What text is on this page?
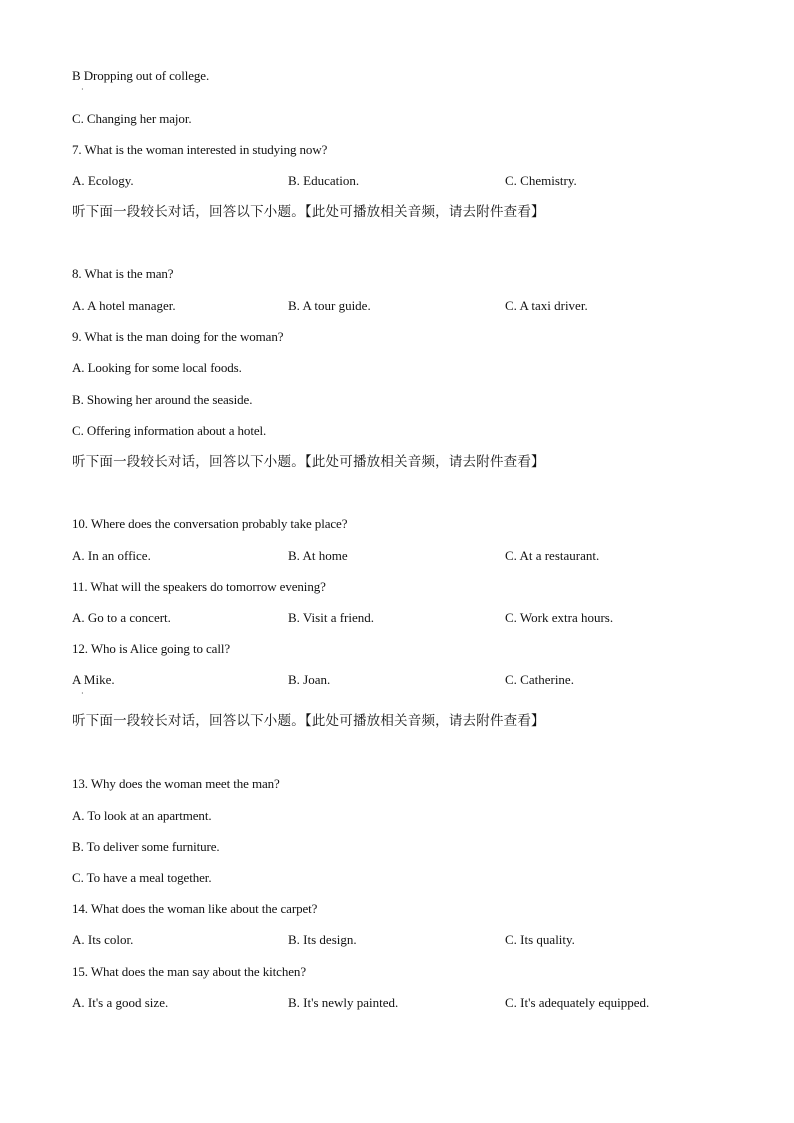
B Dropping out of college.
·
C. Changing her major.
7. What is the woman interested in studying now?
A. Ecology.	B. Education.	C. Chemistry.
听下面一段较长对话，回答以下小题。【此处可播放相关音频，请去附件查看】
8. What is the man?
A. A hotel manager.	B. A tour guide.	C. A taxi driver.
9. What is the man doing for the woman?
A. Looking for some local foods.
B. Showing her around the seaside.
C. Offering information about a hotel.
听下面一段较长对话，回答以下小题。【此处可播放相关音频，请去附件查看】
10. Where does the conversation probably take place?
A. In an office.	B. At home	C. At a restaurant.
11. What will the speakers do tomorrow evening?
A. Go to a concert.	B. Visit a friend.	C. Work extra hours.
12. Who is Alice going to call?
A Mike.
·
B. Joan.	C. Catherine.
听下面一段较长对话，回答以下小题。【此处可播放相关音频，请去附件查看】
13. Why does the woman meet the man?
A. To look at an apartment.
B. To deliver some furniture.
C. To have a meal together.
14. What does the woman like about the carpet?
A. Its color.	B. Its design.	C. Its quality.
15. What does the man say about the kitchen?
A. It's a good size.	B. It's newly painted.	C. It's adequately equipped.
